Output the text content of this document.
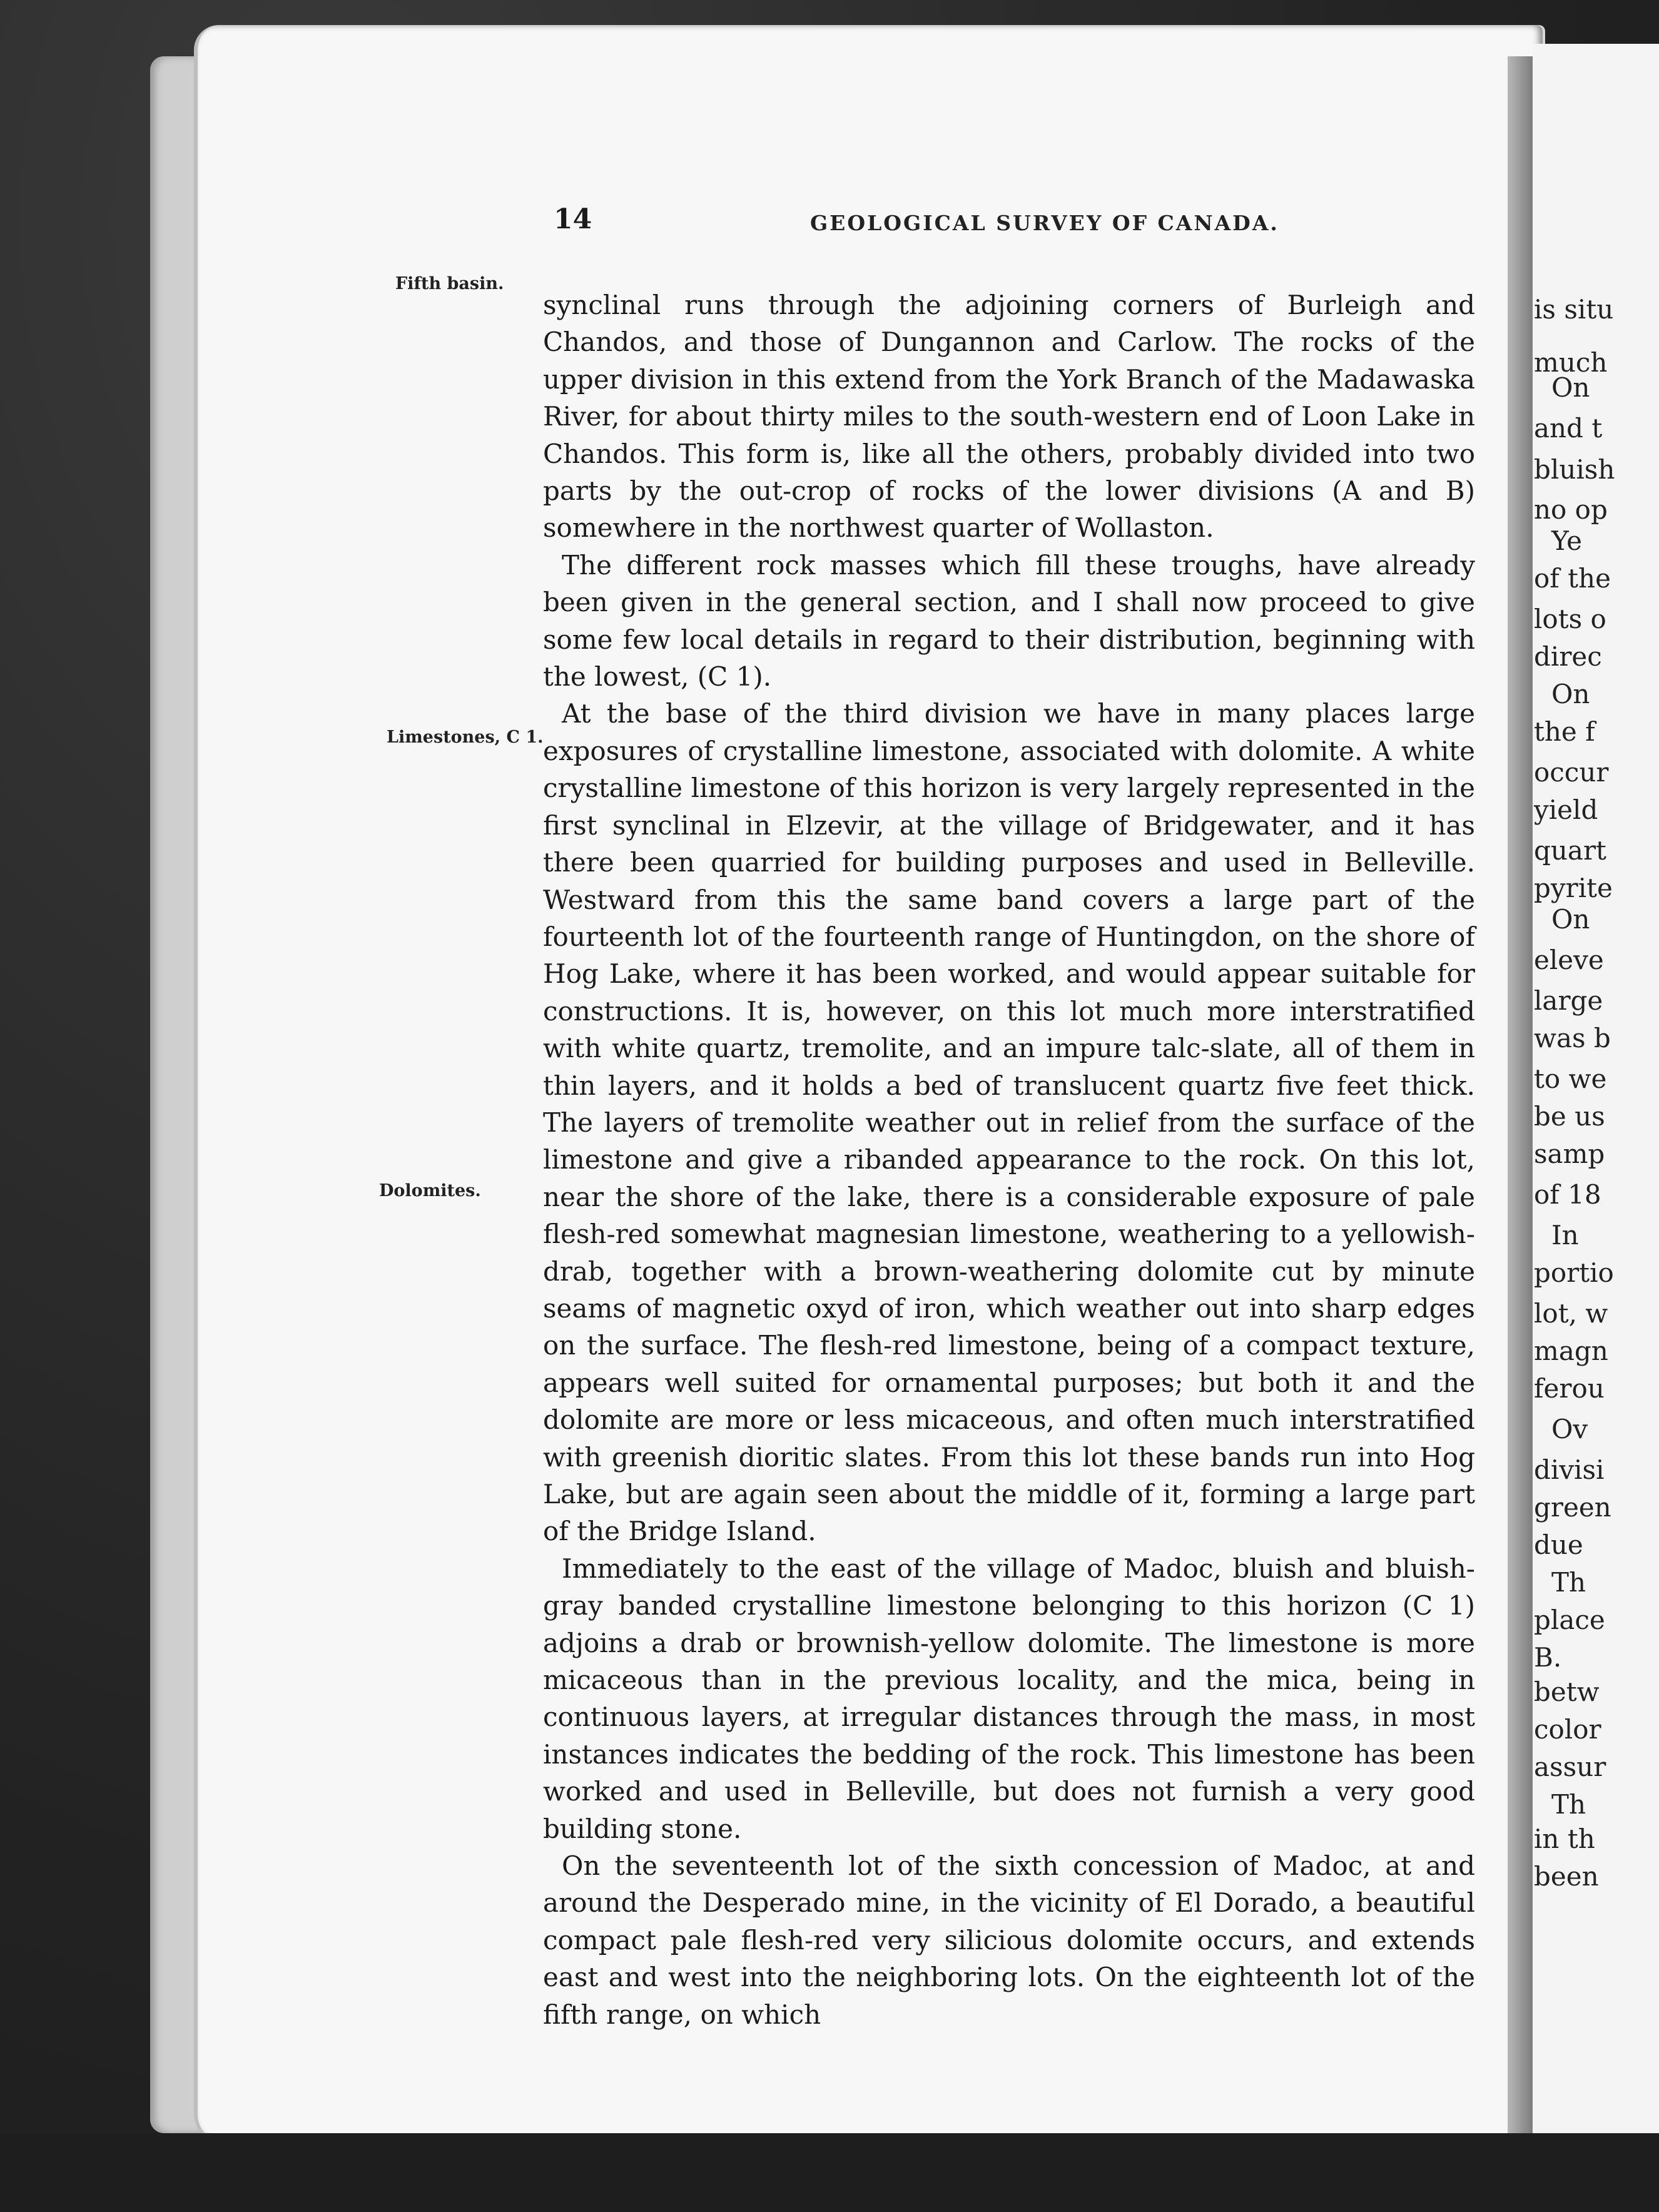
is situ
much
On
and t
bluish
no op
Ye
of the
lots o
direc
On
the f
occur
yield
quart
pyrite
On
eleve
large
was b
to we
be us
samp
of 18
In
portio
lot, w
magn
ferou
Ov
divisi
green
due
Th
place
B.
betw
color
assur
Th
in th
been
14	GEOLOGICAL SURVEY OF CANADA.
Fifth basin.
Limestones, C 1.
Dolomites.

synclinal runs through the adjoining corners of Burleigh and Chandos, and those of Dungannon and Carlow. The rocks of the upper division in this extend from the York Branch of the Madawaska River, for about thirty miles to the south-western end of Loon Lake in Chandos. This form is, like all the others, probably divided into two parts by the out-crop of rocks of the lower divisions (A and B) somewhere in the northwest quarter of Wollaston.

The different rock masses which fill these troughs, have already been given in the general section, and I shall now proceed to give some few local details in regard to their distribution, beginning with the lowest, (C 1).

At the base of the third division we have in many places large exposures of crystalline limestone, associated with dolomite. A white crystalline limestone of this horizon is very largely represented in the first synclinal in Elzevir, at the village of Bridgewater, and it has there been quarried for building purposes and used in Belleville. Westward from this the same band covers a large part of the fourteenth lot of the fourteenth range of Huntingdon, on the shore of Hog Lake, where it has been worked, and would appear suitable for constructions. It is, however, on this lot much more interstratified with white quartz, tremolite, and an impure talc-slate, all of them in thin layers, and it holds a bed of translucent quartz five feet thick. The layers of tremolite weather out in relief from the surface of the limestone and give a ribanded appearance to the rock. On this lot, near the shore of the lake, there is a considerable exposure of pale flesh-red somewhat magnesian limestone, weathering to a yellowish-drab, together with a brown-weathering dolomite cut by minute seams of magnetic oxyd of iron, which weather out into sharp edges on the surface. The flesh-red limestone, being of a compact texture, appears well suited for ornamental purposes; but both it and the dolomite are more or less micaceous, and often much interstratified with greenish dioritic slates. From this lot these bands run into Hog Lake, but are again seen about the middle of it, forming a large part of the Bridge Island.

Immediately to the east of the village of Madoc, bluish and bluish-gray banded crystalline limestone belonging to this horizon (C 1) adjoins a drab or brownish-yellow dolomite. The limestone is more micaceous than in the previous locality, and the mica, being in continuous layers, at irregular distances through the mass, in most instances indicates the bedding of the rock. This limestone has been worked and used in Belleville, but does not furnish a very good building stone.

On the seventeenth lot of the sixth concession of Madoc, at and around the Desperado mine, in the vicinity of El Dorado, a beautiful compact pale flesh-red very silicious dolomite occurs, and extends east and west into the neighboring lots. On the eighteenth lot of the fifth range, on which
